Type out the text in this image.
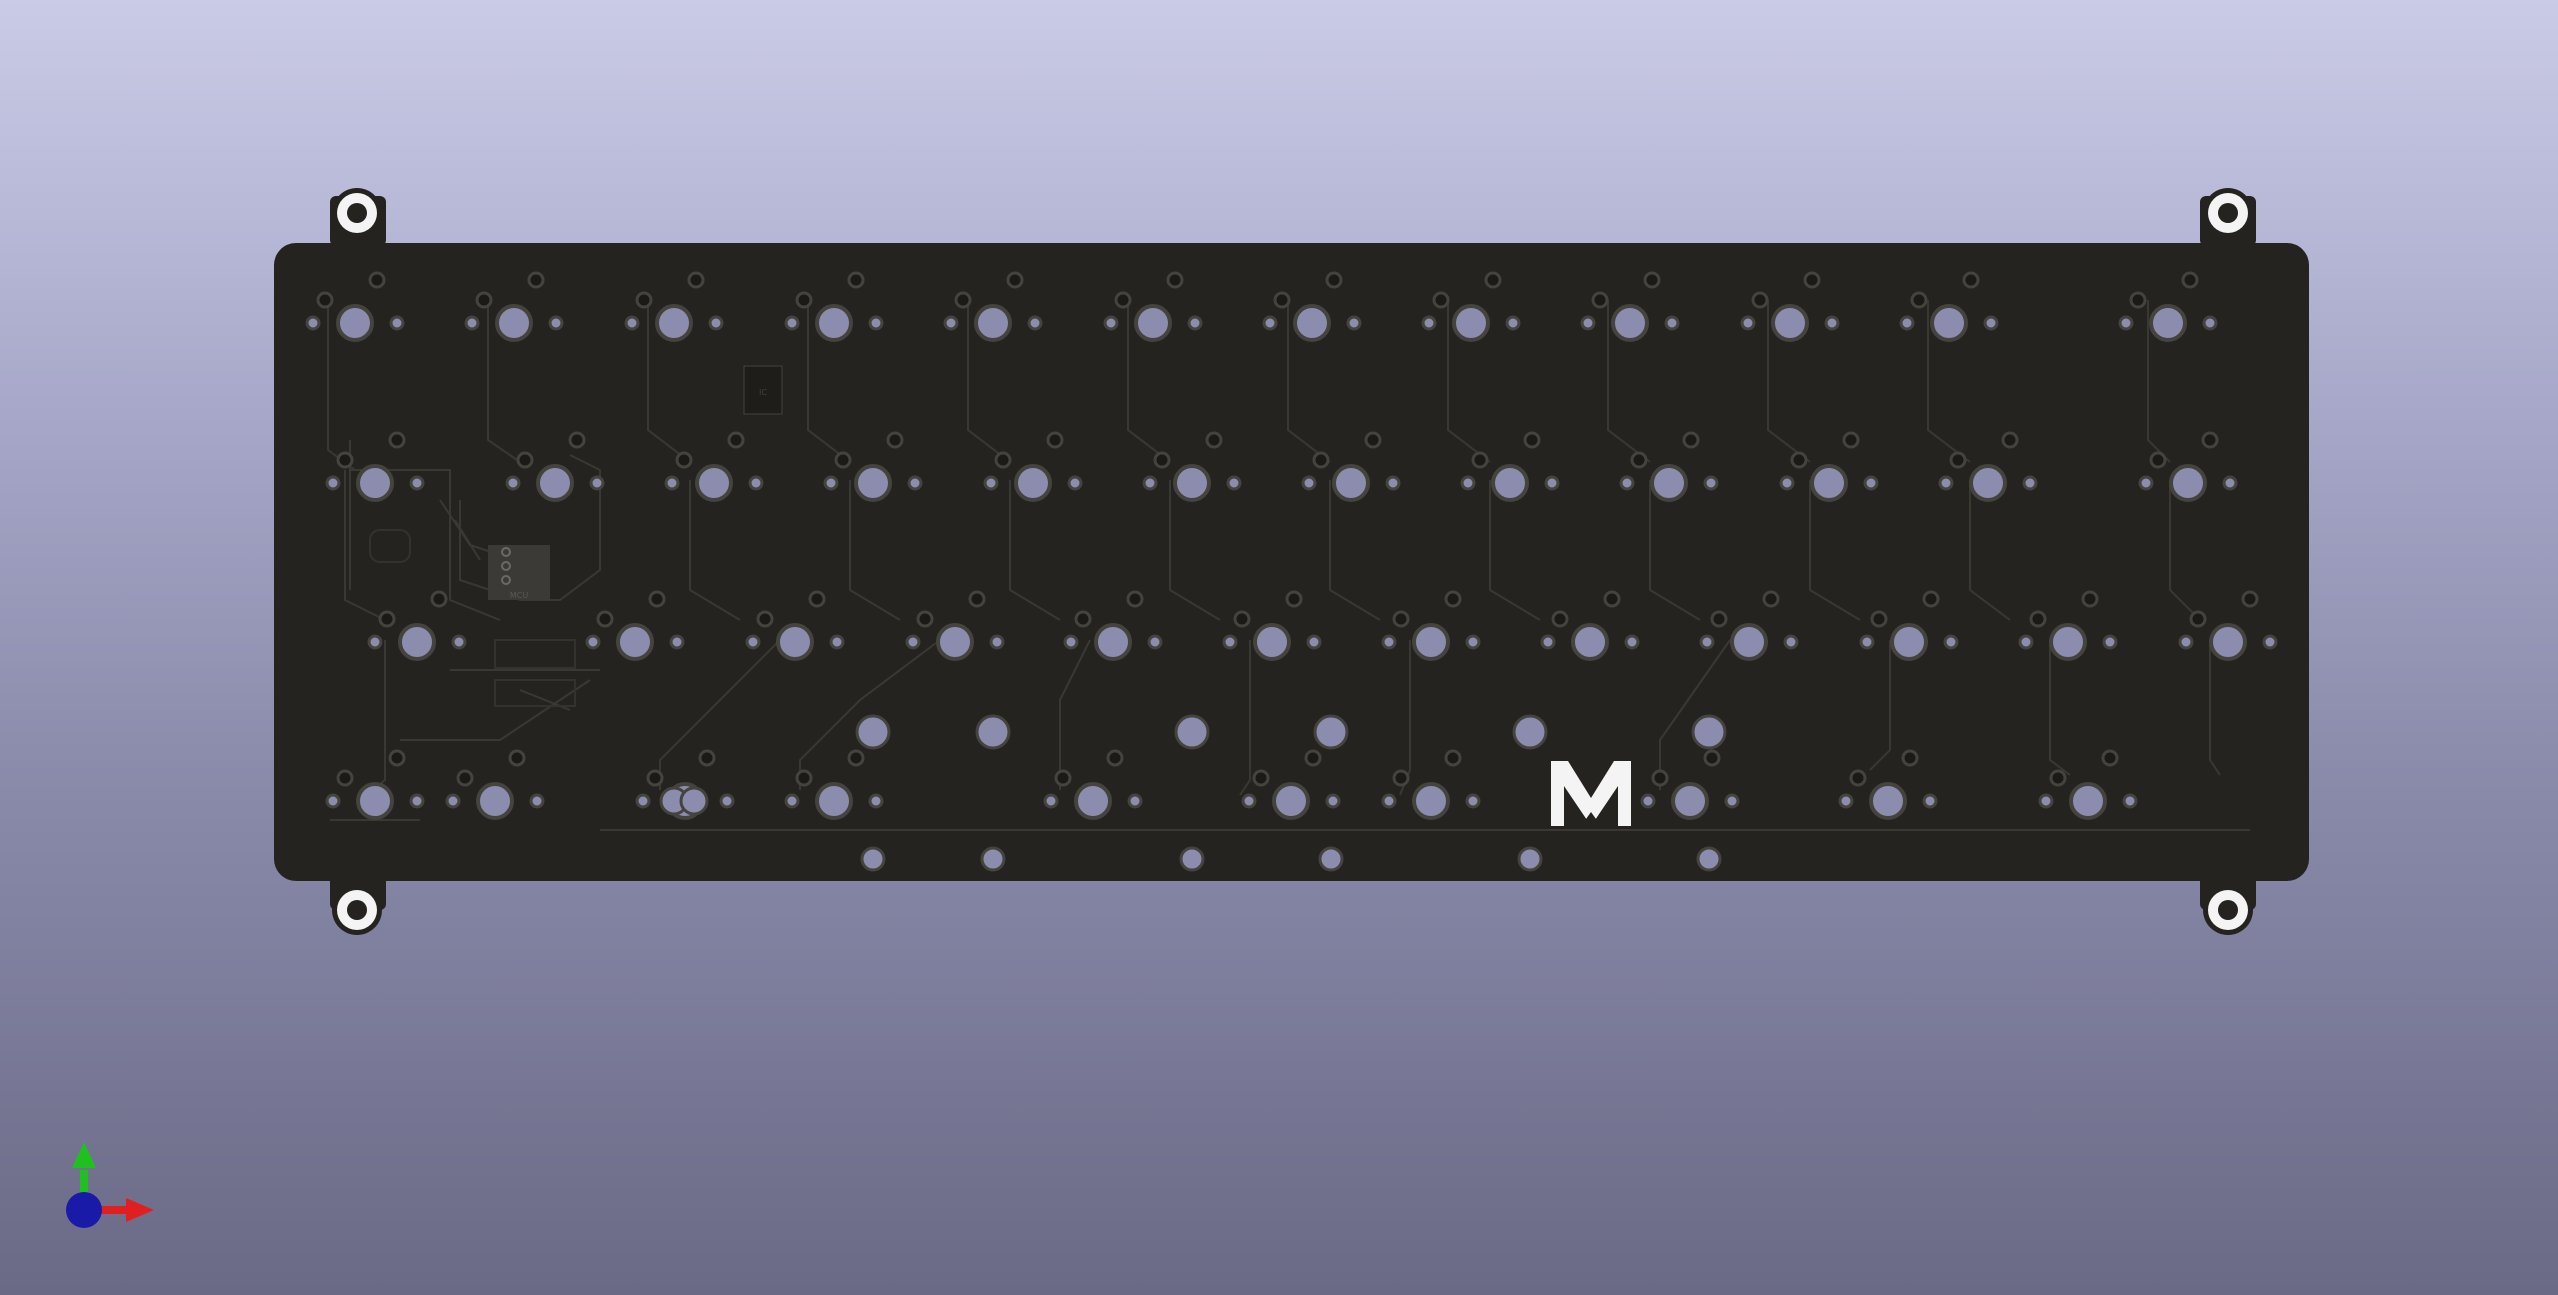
MCU
IC
M
